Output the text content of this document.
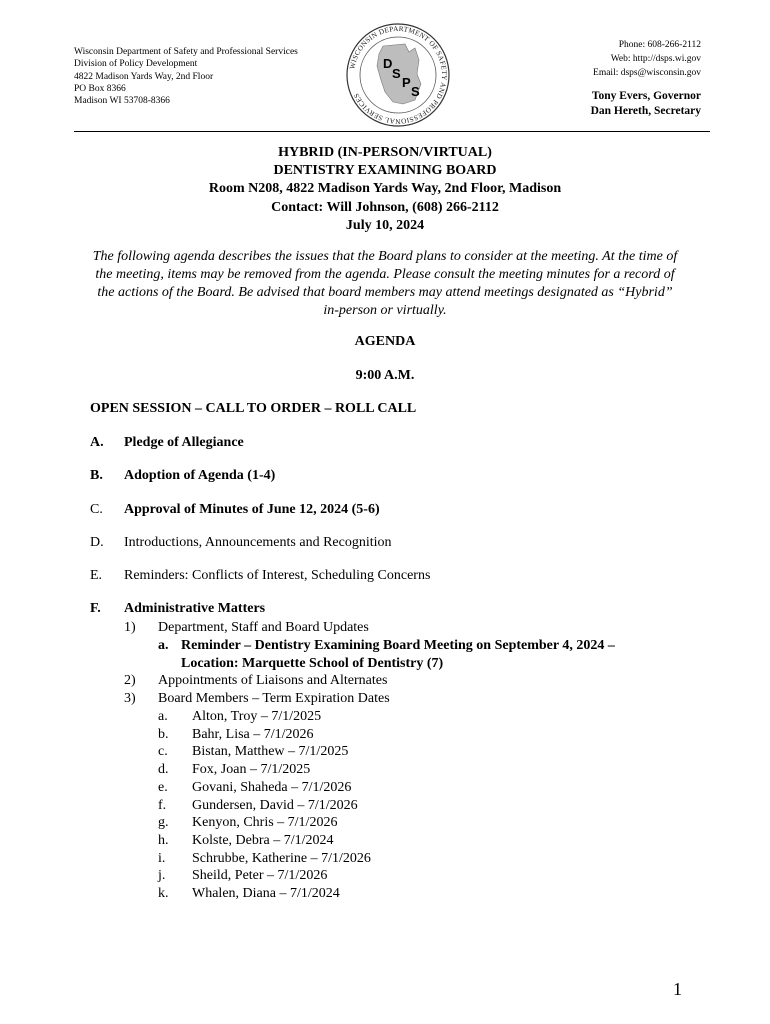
Wisconsin Department of Safety and Professional Services
Division of Policy Development
4822 Madison Yards Way, 2nd Floor
PO Box 8366
Madison WI 53708-8366
WISCONSIN DEPARTMENT OF SAFETY AND PROFESSIONAL SERVICES
D
S
P
S
Phone: 608-266-2112
Web: http://dsps.wi.gov
Email: dsps@wisconsin.gov
Tony Evers, Governor
Dan Hereth, Secretary
HYBRID (IN-PERSON/VIRTUAL)
DENTISTRY EXAMINING BOARD
Room N208, 4822 Madison Yards Way, 2nd Floor, Madison
Contact: Will Johnson, (608) 266-2112
July 10, 2024
The following agenda describes the issues that the Board plans to consider at the meeting. At the time of the meeting, items may be removed from the agenda. Please consult the meeting minutes for a record of the actions of the Board. Be advised that board members may attend meetings designated as “Hybrid” in-person or virtually.
AGENDA
9:00 A.M.
OPEN SESSION – CALL TO ORDER – ROLL CALL
A. Pledge of Allegiance
B. Adoption of Agenda (1-4)
C. Approval of Minutes of June 12, 2024 (5-6)
D. Introductions, Announcements and Recognition
E. Reminders: Conflicts of Interest, Scheduling Concerns
F. Administrative Matters
1) Department, Staff and Board Updates
a. Reminder – Dentistry Examining Board Meeting on September 4, 2024 –
Location: Marquette School of Dentistry (7)
2) Appointments of Liaisons and Alternates
3) Board Members – Term Expiration Dates
a. Alton, Troy – 7/1/2025
b. Bahr, Lisa – 7/1/2026
c. Bistan, Matthew – 7/1/2025
d. Fox, Joan – 7/1/2025
e. Govani, Shaheda – 7/1/2026
f. Gundersen, David – 7/1/2026
g. Kenyon, Chris – 7/1/2026
h. Kolste, Debra – 7/1/2024
i. Schrubbe, Katherine – 7/1/2026
j. Sheild, Peter – 7/1/2026
k. Whalen, Diana – 7/1/2024
1
